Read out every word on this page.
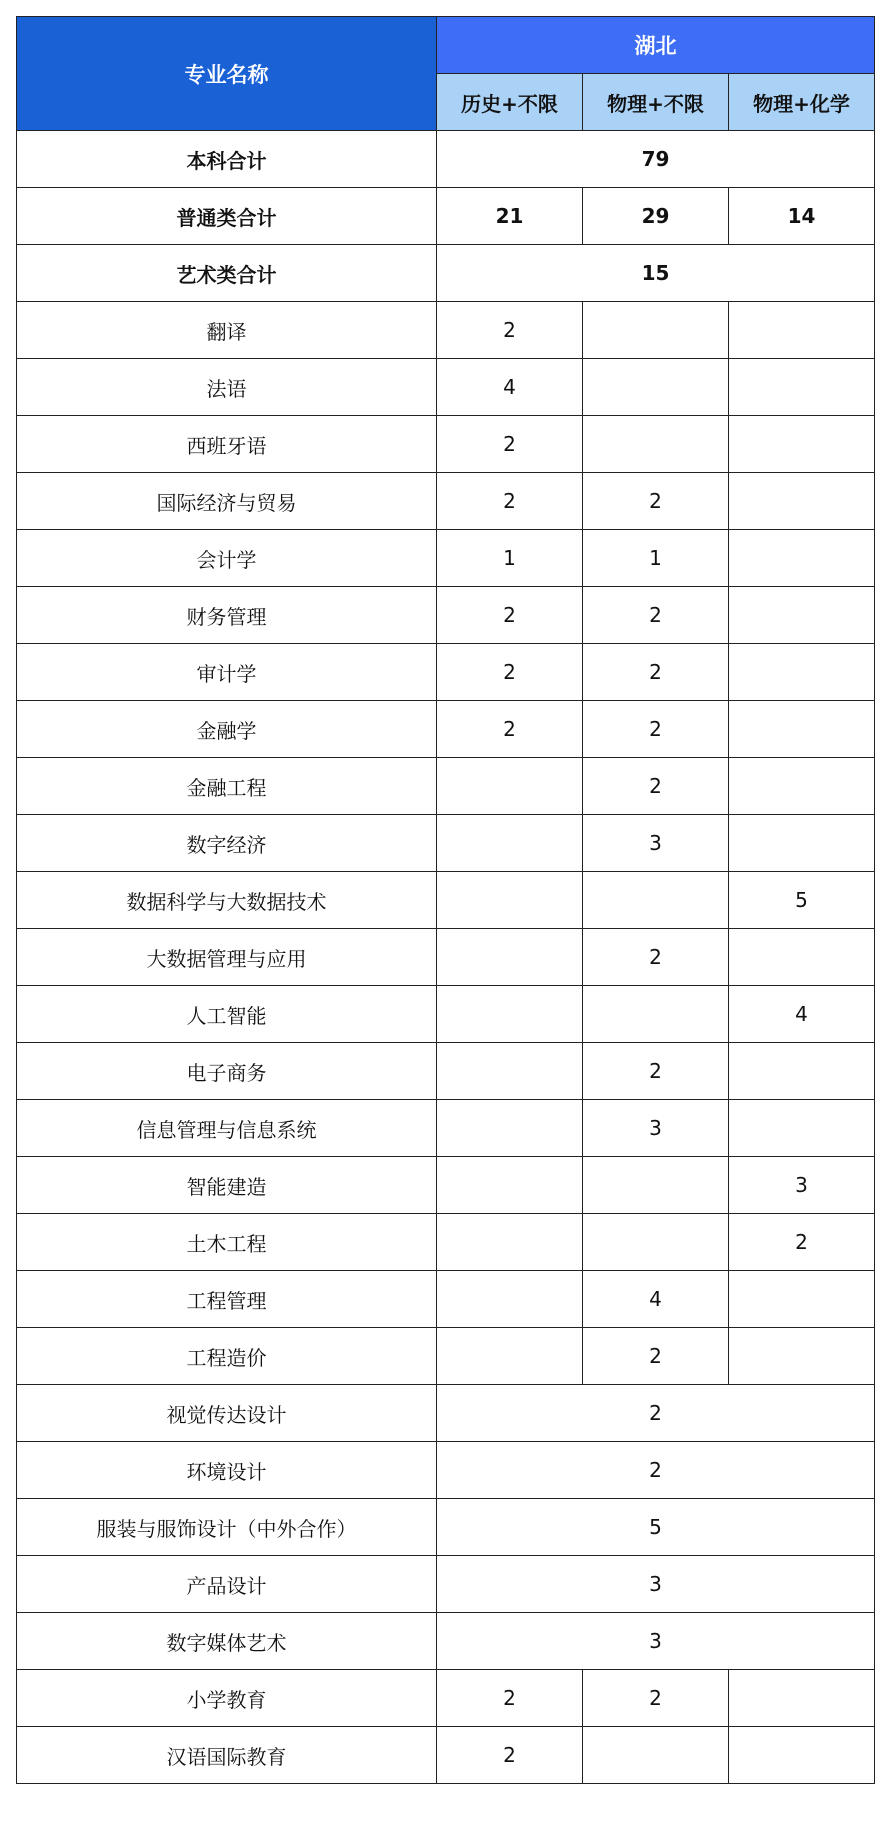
专业名称	湖北		
	历史+不限	物理+不限	物理+化学
本科合计	79		
普通类合计	21	29	14
艺术类合计	15		
翻译	2		
法语	4		
西班牙语	2		
国际经济与贸易	2	2	
会计学	1	1	
财务管理	2	2	
审计学	2	2	
金融学	2	2	
金融工程		2	
数字经济		3	
数据科学与大数据技术			5
大数据管理与应用		2	
人工智能			4
电子商务		2	
信息管理与信息系统		3	
智能建造			3
土木工程			2
工程管理		4	
工程造价		2	
视觉传达设计	2		
环境设计	2		
服装与服饰设计（中外合作）	5		
产品设计	3		
数字媒体艺术	3		
小学教育	2	2	
汉语国际教育	2		
